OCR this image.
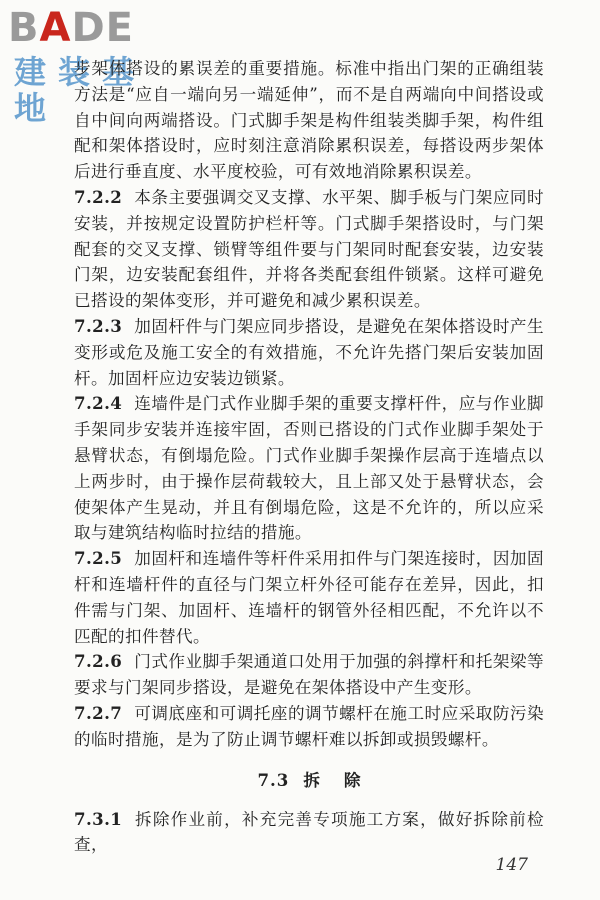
BADE
建装基地

步架体搭设的累误差的重要措施。标准中指出门架的正确组装方法是“应自一端向另一端延伸”，而不是自两端向中间搭设或自中间向两端搭设。门式脚手架是构件组装类脚手架，构件组配和架体搭设时，应时刻注意消除累积误差，每搭设两步架体后进行垂直度、水平度校验，可有效地消除累积误差。

7.2.2 本条主要强调交叉支撑、水平架、脚手板与门架应同时安装，并按规定设置防护栏杆等。门式脚手架搭设时，与门架配套的交叉支撑、锁臂等组件要与门架同时配套安装，边安装门架，边安装配套组件，并将各类配套组件锁紧。这样可避免已搭设的架体变形，并可避免和减少累积误差。

7.2.3 加固杆件与门架应同步搭设，是避免在架体搭设时产生变形或危及施工安全的有效措施，不允许先搭门架后安装加固杆。加固杆应边安装边锁紧。

7.2.4 连墙件是门式作业脚手架的重要支撑杆件，应与作业脚手架同步安装并连接牢固，否则已搭设的门式作业脚手架处于悬臂状态，有倒塌危险。门式作业脚手架操作层高于连墙点以上两步时，由于操作层荷载较大，且上部又处于悬臂状态，会使架体产生晃动，并且有倒塌危险，这是不允许的，所以应采取与建筑结构临时拉结的措施。

7.2.5 加固杆和连墙件等杆件采用扣件与门架连接时，因加固杆和连墙杆件的直径与门架立杆外径可能存在差异，因此，扣件需与门架、加固杆、连墙杆的钢管外径相匹配，不允许以不匹配的扣件替代。

7.2.6 门式作业脚手架通道口处用于加强的斜撑杆和托架梁等要求与门架同步搭设，是避免在架体搭设中产生变形。

7.2.7 可调底座和可调托座的调节螺杆在施工时应采取防污染的临时措施，是为了防止调节螺杆难以拆卸或损毁螺杆。

7.3 拆除

7.3.1 拆除作业前，补充完善专项施工方案，做好拆除前检查，

147
